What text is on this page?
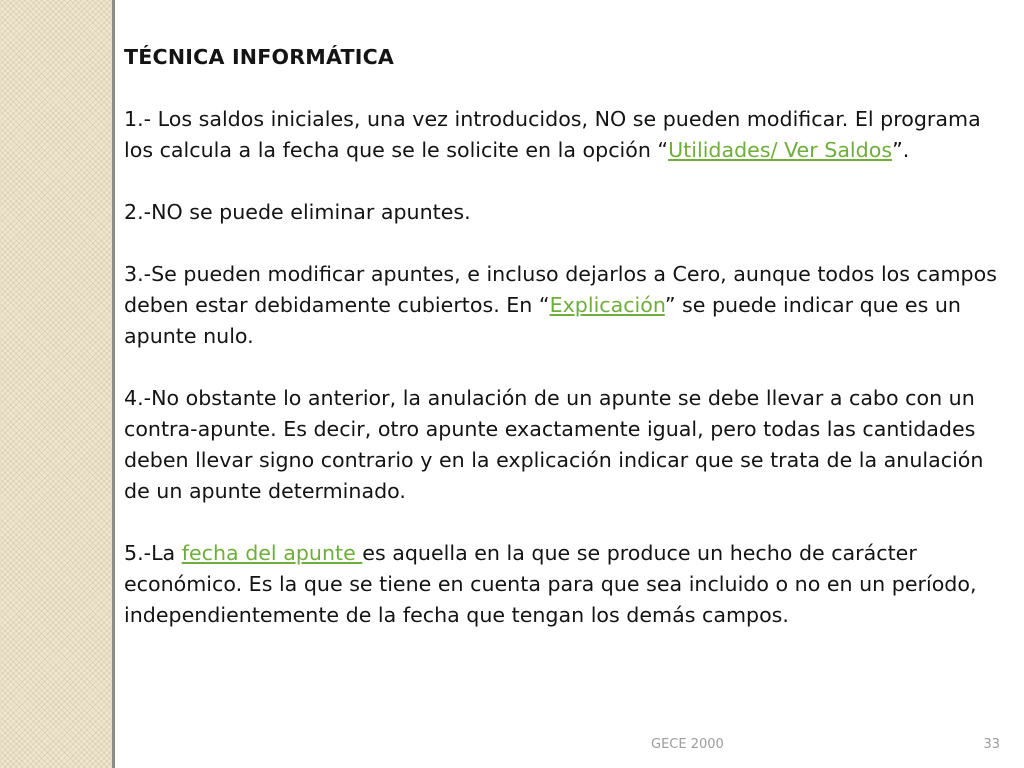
TÉCNICA INFORMÁTICA

1.- Los saldos iniciales, una vez introducidos, NO se pueden modificar. El programa los calcula a la fecha que se le solicite en la opción “Utilidades/ Ver Saldos”.

2.-NO se puede eliminar apuntes.

3.-Se pueden modificar apuntes, e incluso dejarlos a Cero, aunque todos los campos deben estar debidamente cubiertos. En “Explicación” se puede indicar que es un apunte nulo.

4.-No obstante lo anterior, la anulación de un apunte se debe llevar a cabo con un contra-apunte. Es decir, otro apunte exactamente igual, pero todas las cantidades deben llevar signo contrario y en la explicación indicar que se trata de la anulación de un apunte determinado.

5.-La fecha del apunte es aquella en la que se produce un hecho de carácter económico. Es la que se tiene en cuenta para que sea incluido o no en un período, independientemente de la fecha que tengan los demás campos.

GECE 2000	33
